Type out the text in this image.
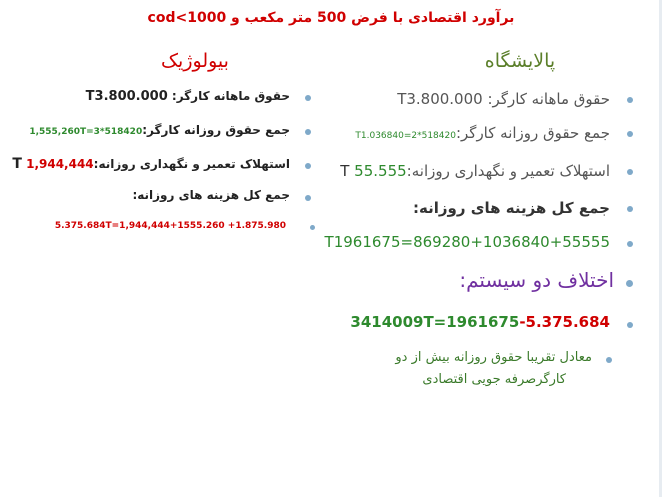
برآورد اقتصادی با فرض 500 متر مکعب و cod<1000
پالایشگاه
بیولوژیک
حقوق ماهانه کارگر: T3.800.000
جمع حقوق روزانه کارگر:T1.036840=2*518420
استهلاک تعمیر و نگهداری روزانه:55.555 T
جمع کل هزینه های روزانه:
T1961675=869280+1036840+55555
اختلاف دو سیستم:
3414009T=1961675-5.375.684
معادل تقریبا حقوق روزانه بیش از دو
کارگرصرفه جویی اقتصادی
حقوق ماهانه کارگر: T3.800.000
جمع حقوق روزانه کارگر:1,555,260T=3*518420
استهلاک تعمیر و نگهداری روزانه:1,944,444 T
جمع کل هزینه های روزانه:
5.375.684T=1,944,444+1555.260 +1.875.980
